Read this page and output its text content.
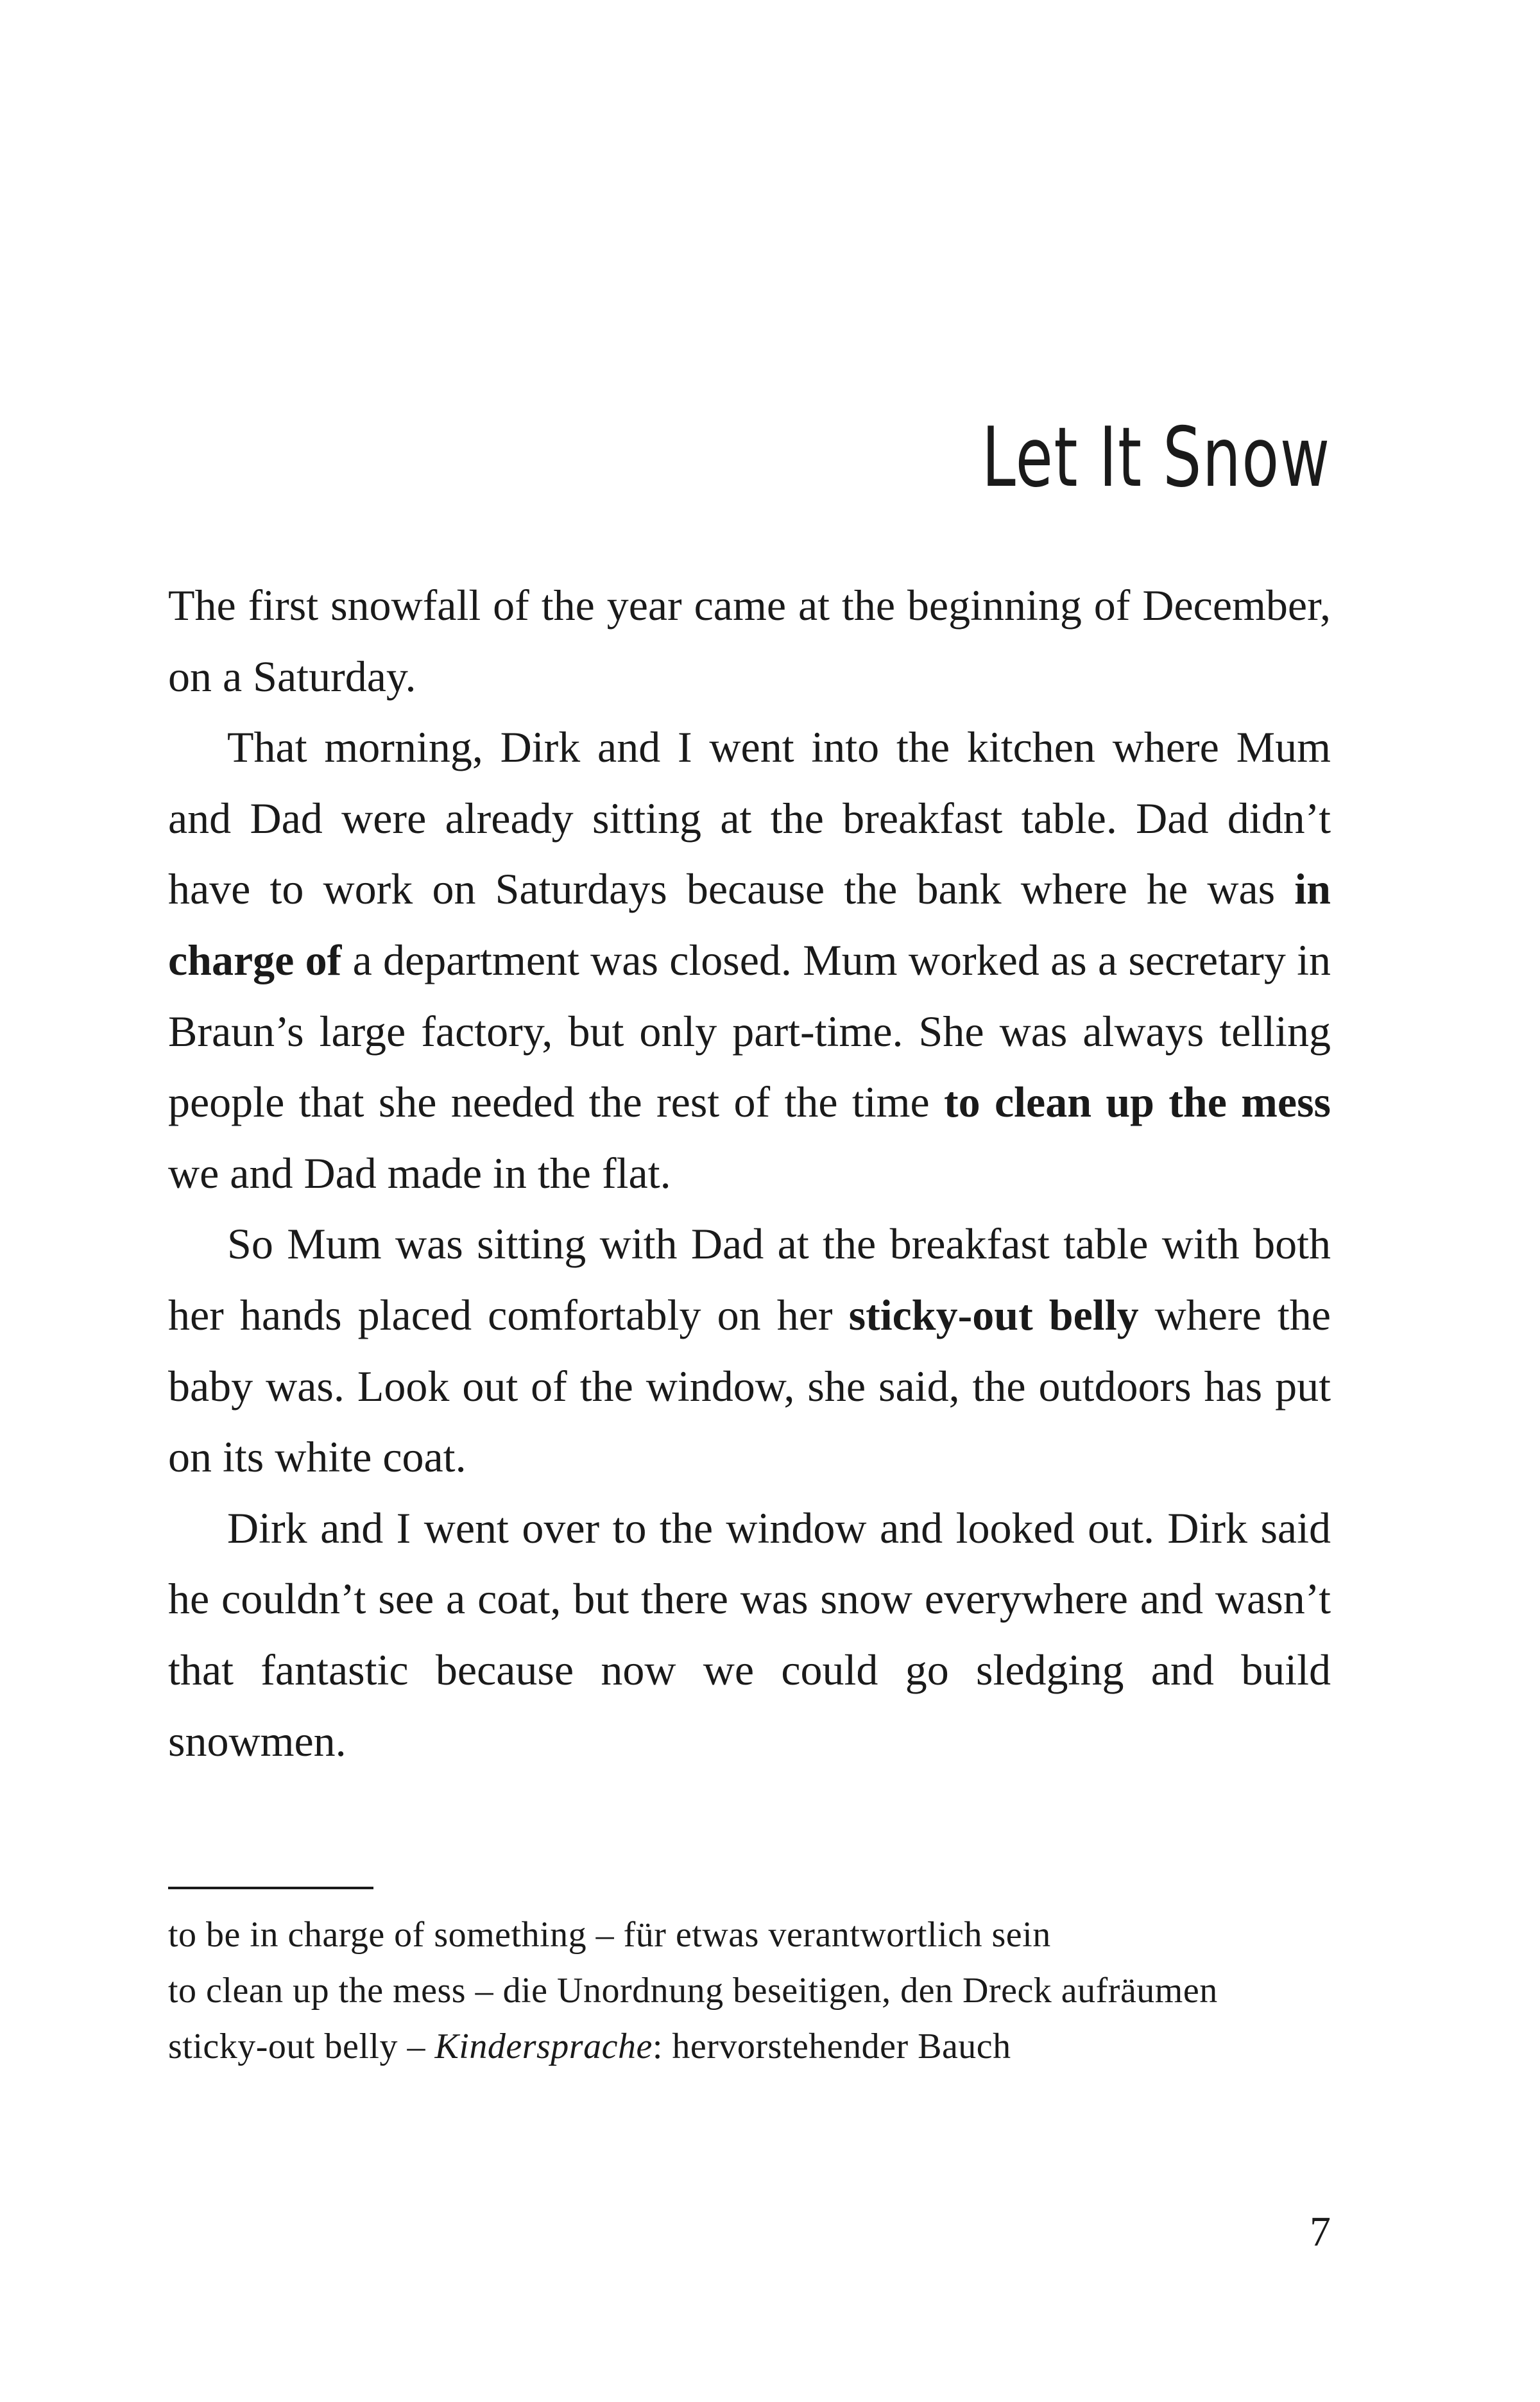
Let It Snow

The first snowfall of the year came at the beginning of December, on a Saturday.

That morning, Dirk and I went into the kitchen where Mum and Dad were already sitting at the breakfast table. Dad didn’t have to work on Saturdays because the bank where he was in charge of a department was closed. Mum worked as a secretary in Braun’s large factory, but only part-time. She was always telling people that she needed the rest of the time to clean up the mess we and Dad made in the flat.

So Mum was sitting with Dad at the breakfast table with both her hands placed comfortably on her sticky-out belly where the baby was. Look out of the window, she said, the outdoors has put on its white coat.

Dirk and I went over to the window and looked out. Dirk said he couldn’t see a coat, but there was snow everywhere and wasn’t that fantastic because now we could go sledging and build snowmen.

to be in charge of something – für etwas verantwortlich sein

to clean up the mess – die Unordnung beseitigen, den Dreck aufräumen

sticky-out belly – Kindersprache: hervorstehender Bauch

7
